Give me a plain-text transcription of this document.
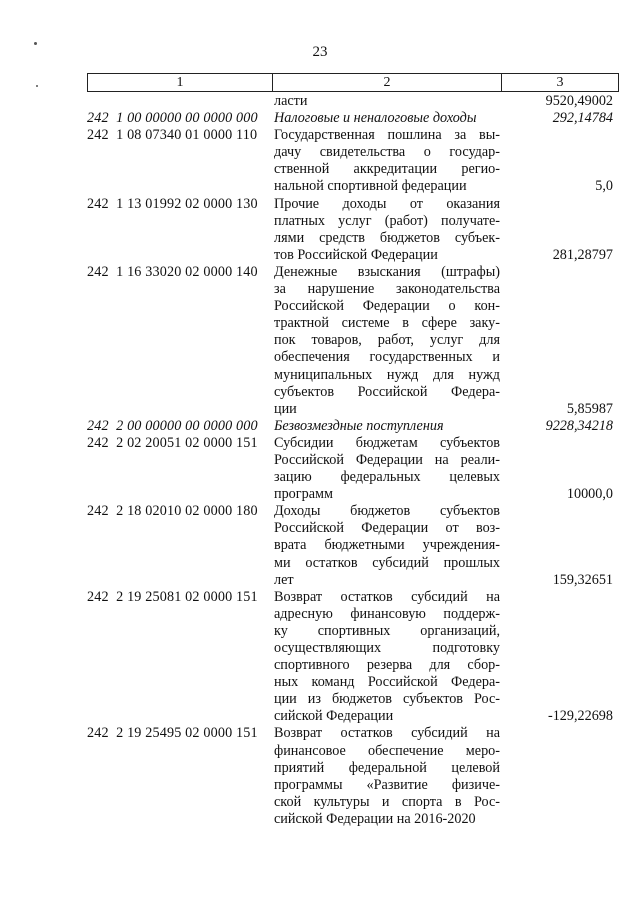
23
1	2	3
ласти	9520,49002
242  1 00 00000 00 0000 000	Налоговые и неналоговые доходы	292,14784
242  1 08 07340 01 0000 110	Государственная пошлина за вы-
дачу свидетельства о государ-
ственной аккредитации регио-
нальной спортивной федерации	5,0
242  1 13 01992 02 0000 130	Прочие доходы от оказания
платных услуг (работ) получате-
лями средств бюджетов субъек-
тов Российской Федерации	281,28797
242  1 16 33020 02 0000 140	Денежные взыскания (штрафы)
за нарушение законодательства
Российской Федерации о кон-
трактной системе в сфере заку-
пок товаров, работ, услуг для
обеспечения государственных и
муниципальных нужд для нужд
субъектов Российской Федера-
ции	5,85987
242  2 00 00000 00 0000 000	Безвозмездные поступления	9228,34218
242  2 02 20051 02 0000 151	Субсидии бюджетам субъектов
Российской Федерации на реали-
зацию федеральных целевых
программ	10000,0
242  2 18 02010 02 0000 180	Доходы бюджетов субъектов
Российской Федерации от воз-
врата бюджетными учреждения-
ми остатков субсидий прошлых
лет	159,32651
242  2 19 25081 02 0000 151	Возврат остатков субсидий на
адресную финансовую поддерж-
ку спортивных организаций,
осуществляющих подготовку
спортивного резерва для сбор-
ных команд Российской Федера-
ции из бюджетов субъектов Рос-
сийской Федерации	-129,22698
242  2 19 25495 02 0000 151	Возврат остатков субсидий на
финансовое обеспечение меро-
приятий федеральной целевой
программы «Развитие физиче-
ской культуры и спорта в Рос-
сийской Федерации на 2016-2020
